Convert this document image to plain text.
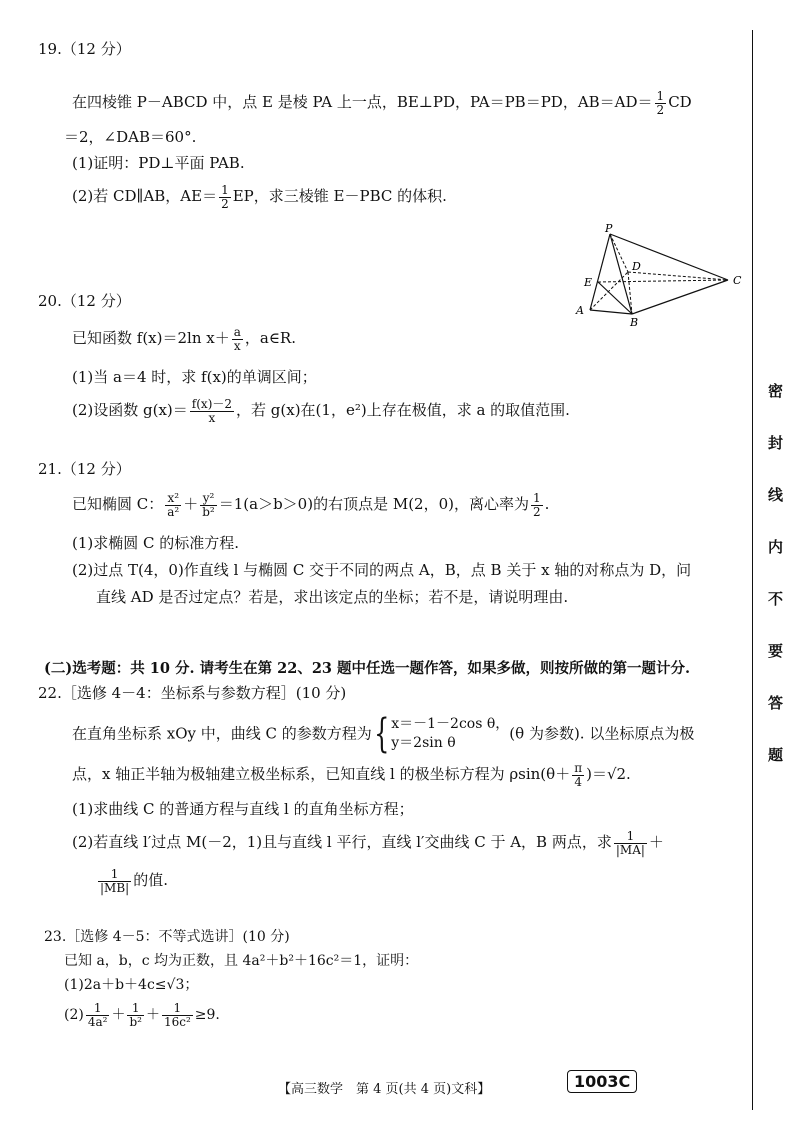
19.（12 分）
在四棱锥 P－ABCD 中，点 E 是棱 PA 上一点，BE⊥PD，PA＝PB＝PD，$AB=AD= \frac{1}{2}$ CD
＝2，∠DAB＝60°.
(1)证明：PD⊥平面 PAB.
(2)若 CD∥AB，$AE= \frac{1}{2}$ EP，求三棱锥 E－PBC 的体积.
P
D
E	C
A
B
20.（12 分）
已知函数 f(x)＝2ln $x+ \frac{a}{x}$ ，a∈R.
(1)当 a＝4 时，求 f(x)的单调区间；
(2)设函数 $g(x)= \frac{f(x)-2}{x}$ ，若 g(x)在(1，e²)上存在极值，求 a 的取值范围.
21.（12 分）
已知椭圆 C： $\frac{\text{x²}}{\text{a²}} + \frac{\text{y²}}{\text{b²}} =1(a>b>0)$的右顶点是 M(2，0)，离心率为 $\frac{1}{2}$ .
(1)求椭圆 C 的标准方程.
(2)过点 T(4，0)作直线 l 与椭圆 C 交于不同的两点 A，B，点 B 关于 x 轴的对称点为 D，问
直线 AD 是否过定点？若是，求出该定点的坐标；若不是，请说明理由.
(二)选考题：共 10 分. 请考生在第 22、23 题中任选一题作答，如果多做，则按所做的第一题计分.
22.［选修 4－4：坐标系与参数方程］(10 分)
在直角坐标系 xOy 中，曲线 C 的参数方程为{ x＝－1－2cos θ，
y＝2sin θ
(θ 为参数). 以坐标原点为极
点，x 轴正半轴为极轴建立极坐标系，已知直线 l 的极坐标方程为 $\rho\sin(\theta+ \frac{\pi}{4} )=√2$.
(1)求曲线 C 的普通方程与直线 l 的直角坐标方程；
(2)若直线 l′过点 M(－2，1)且与直线 l 平行，直线 l′交曲线 C 于 A，B 两点，求 $\frac{1}{|MA|}$ ＋
$\frac{1}{|MB|}$ 的值.
23.［选修 4－5：不等式选讲］(10 分)
已知 a，b，c 均为正数，且 4a²＋b²＋16c²＝1，证明：
(1)2a＋b＋4c≤√3；
$(2) \frac{1}{\text{4a²}} + \frac{1}{\text{b²}} + \frac{1}{\text{16c²}} \ge 9$.
密
封
线
内
不
要
答
题
【高三数学　第 4 页(共 4 页)文科】	1003C
